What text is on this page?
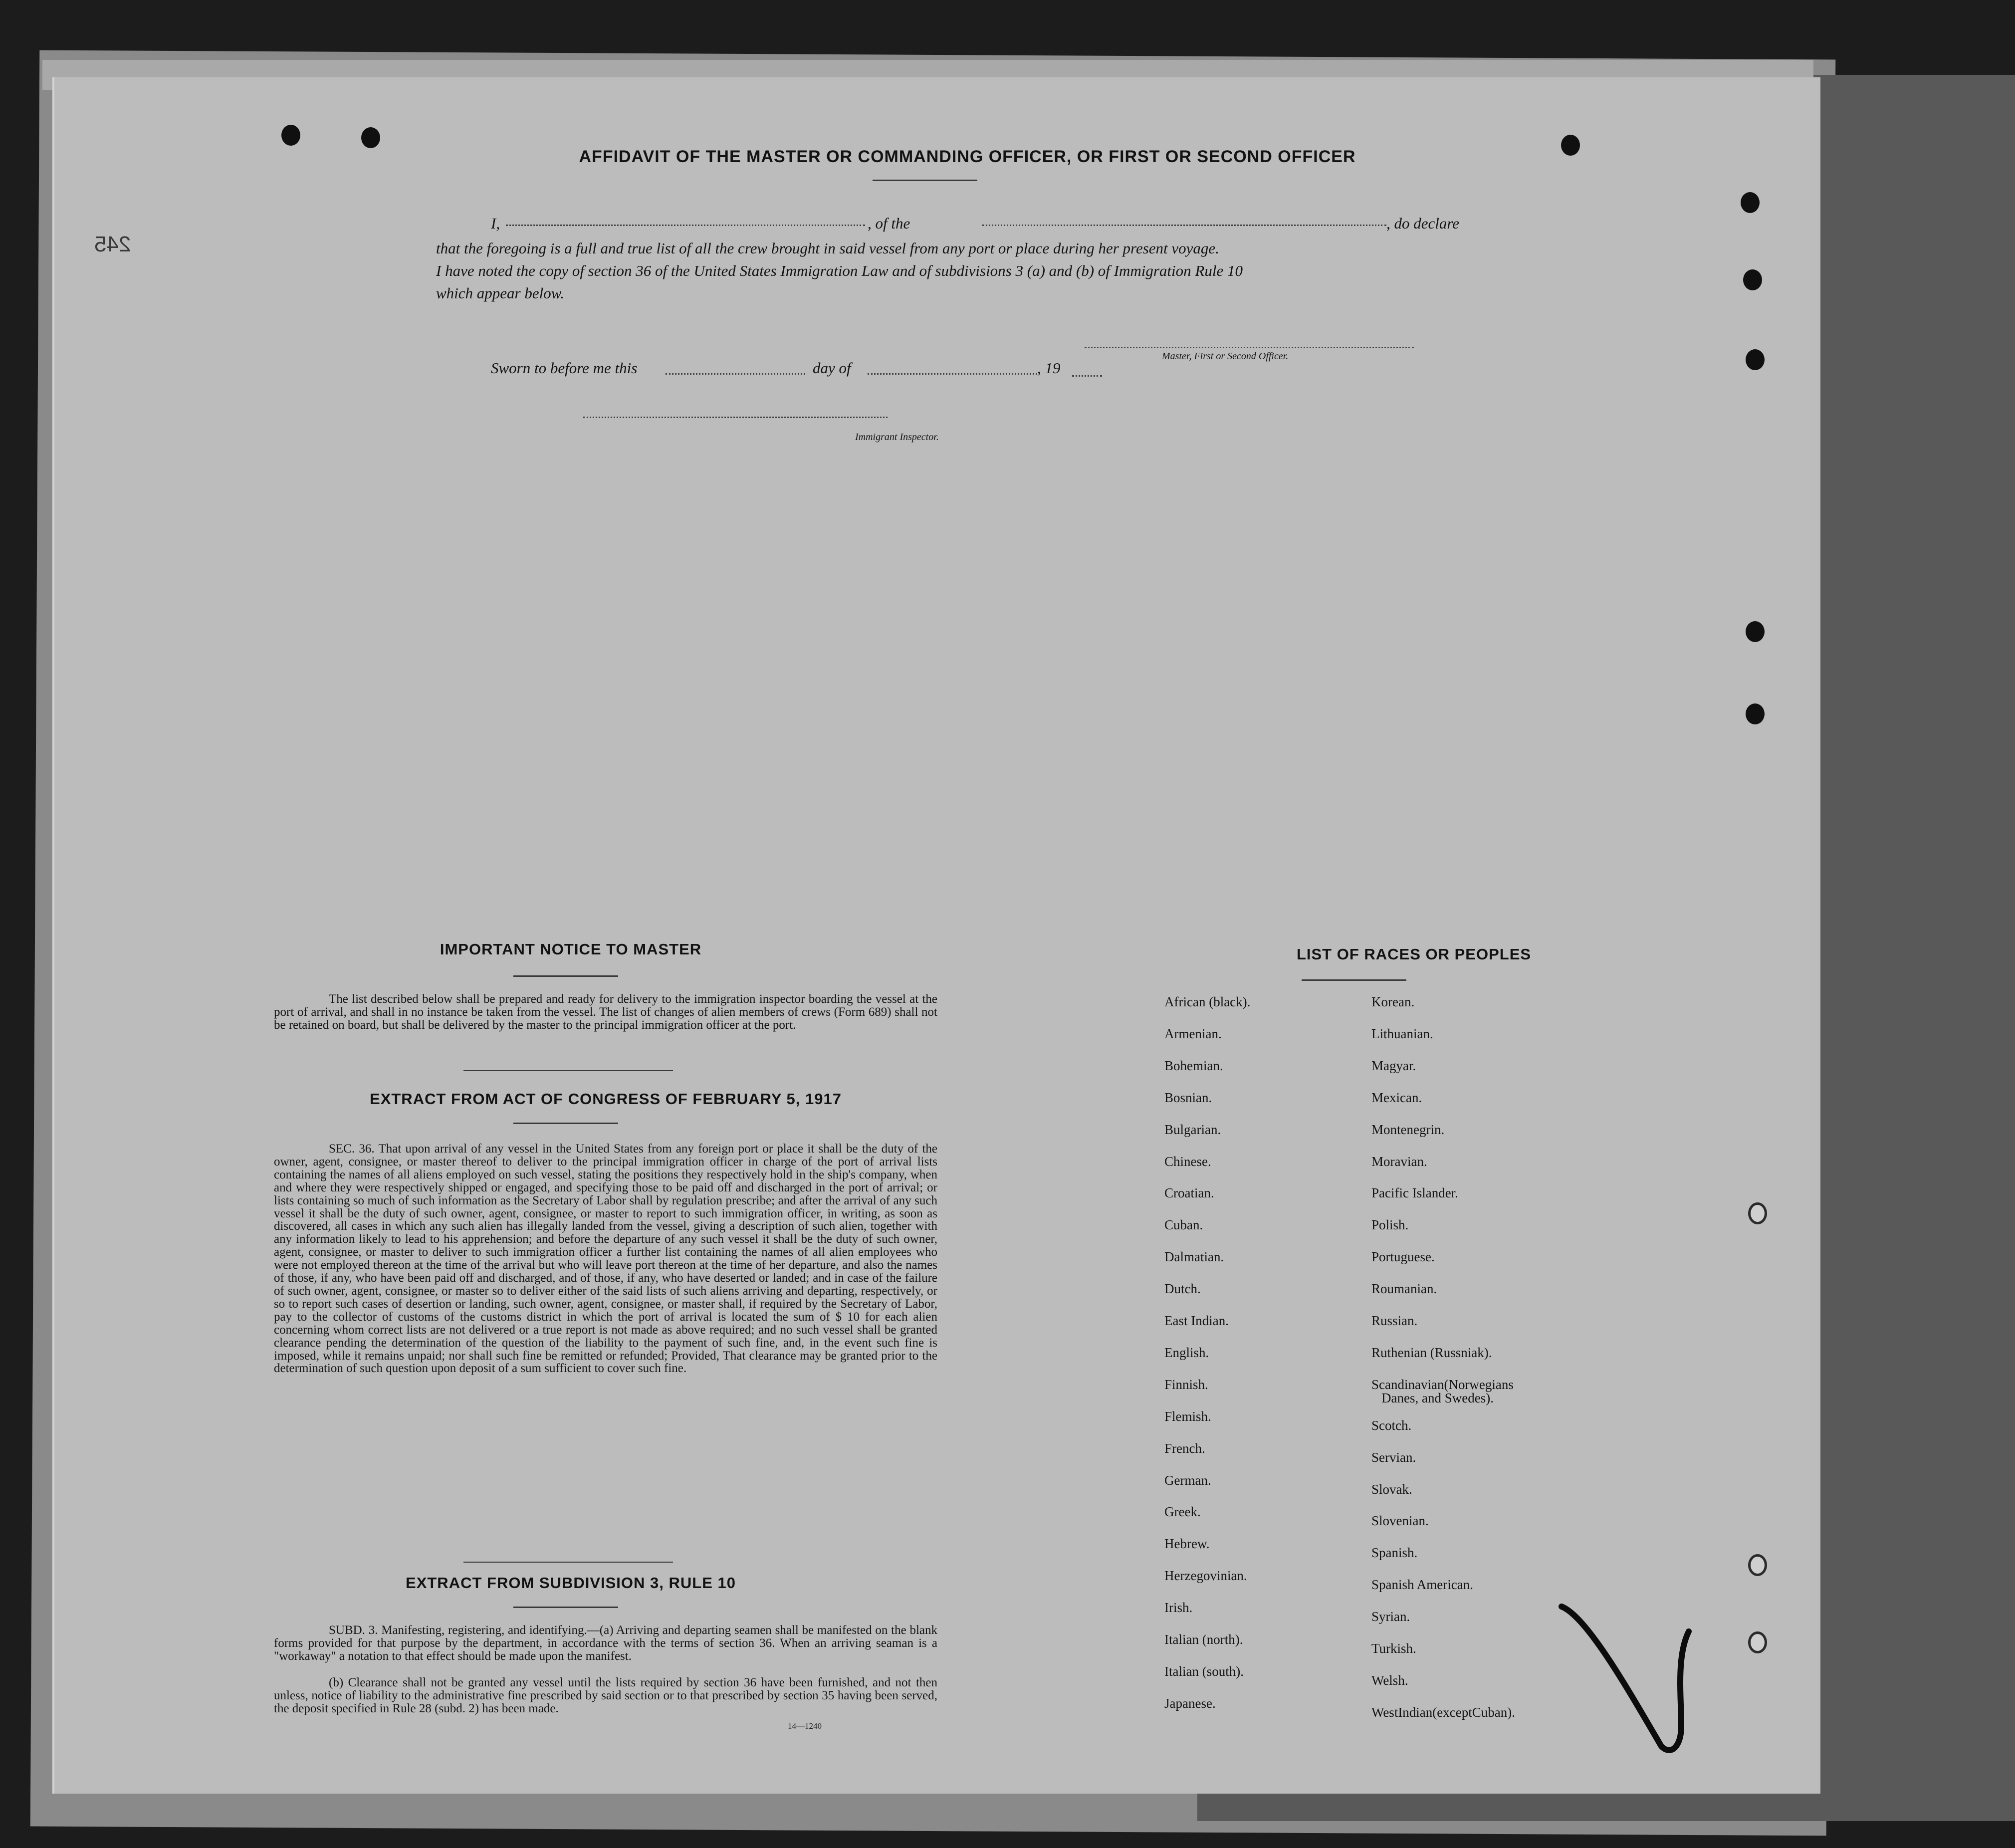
AFFIDAVIT OF THE MASTER OR COMMANDING OFFICER, OR FIRST OR SECOND OFFICER
I,	, of the	, do declare
that the foregoing is a full and true list of all the crew brought in said vessel from any port or place during her present voyage.
I have noted the copy of section 36 of the United States Immigration Law and of subdivisions 3 (a) and (b) of Immigration Rule 10
which appear below.
Master, First or Second Officer.
Sworn to before me this	day of	, 19
Immigrant Inspector.
IMPORTANT NOTICE TO MASTER
The list described below shall be prepared and ready for delivery to the immigration inspector boarding the vessel at the port of arrival, and shall in no instance be taken from the vessel. The list of changes of alien members of crews (Form 689) shall not be retained on board, but shall be delivered by the master to the principal immigration officer at the port.
EXTRACT FROM ACT OF CONGRESS OF FEBRUARY 5, 1917
SEC. 36. That upon arrival of any vessel in the United States from any foreign port or place it shall be the duty of the owner, agent, consignee, or master thereof to deliver to the principal immigration officer in charge of the port of arrival lists containing the names of all aliens employed on such vessel, stating the positions they respectively hold in the ship's company, when and where they were respectively shipped or engaged, and specifying those to be paid off and discharged in the port of arrival; or lists containing so much of such information as the Secretary of Labor shall by regulation prescribe; and after the arrival of any such vessel it shall be the duty of such owner, agent, consignee, or master to report to such immigration officer, in writing, as soon as discovered, all cases in which any such alien has illegally landed from the vessel, giving a description of such alien, together with any information likely to lead to his apprehension; and before the departure of any such vessel it shall be the duty of such owner, agent, consignee, or master to deliver to such immigration officer a further list containing the names of all alien employees who were not employed thereon at the time of the arrival but who will leave port thereon at the time of her departure, and also the names of those, if any, who have been paid off and discharged, and of those, if any, who have deserted or landed; and in case of the failure of such owner, agent, consignee, or master so to deliver either of the said lists of such aliens arriving and departing, respectively, or so to report such cases of desertion or landing, such owner, agent, consignee, or master shall, if required by the Secretary of Labor, pay to the collector of customs of the customs district in which the port of arrival is located the sum of $ 10 for each alien concerning whom correct lists are not delivered or a true report is not made as above required; and no such vessel shall be granted clearance pending the determination of the question of the liability to the payment of such fine, and, in the event such fine is imposed, while it remains unpaid; nor shall such fine be remitted or refunded; Provided, That clearance may be granted prior to the determination of such question upon deposit of a sum sufficient to cover such fine.
EXTRACT FROM SUBDIVISION 3, RULE 10
SUBD. 3. Manifesting, registering, and identifying.—(a) Arriving and departing seamen shall be manifested on the blank forms provided for that purpose by the department, in accordance with the terms of section 36. When an arriving seaman is a "workaway" a notation to that effect should be made upon the manifest.
(b) Clearance shall not be granted any vessel until the lists required by section 36 have been furnished, and not then unless, notice of liability to the administrative fine prescribed by said section or to that prescribed by section 35 having been served, the deposit specified in Rule 28 (subd. 2) has been made.
14—1240
LIST OF RACES OR PEOPLES
African (black).
Armenian.
Bohemian.
Bosnian.
Bulgarian.
Chinese.
Croatian.
Cuban.
Dalmatian.
Dutch.
East Indian.
English.
Finnish.
Flemish.
French.
German.
Greek.
Hebrew.
Herzegovinian.
Irish.
Italian (north).
Italian (south).
Japanese.
Korean.
Lithuanian.
Magyar.
Mexican.
Montenegrin.
Moravian.
Pacific Islander.
Polish.
Portuguese.
Roumanian.
Russian.
Ruthenian (Russniak).
Scandinavian(Norwegians
Danes, and Swedes).
Scotch.
Servian.
Slovak.
Slovenian.
Spanish.
Spanish American.
Syrian.
Turkish.
Welsh.
WestIndian(exceptCuban).
245
